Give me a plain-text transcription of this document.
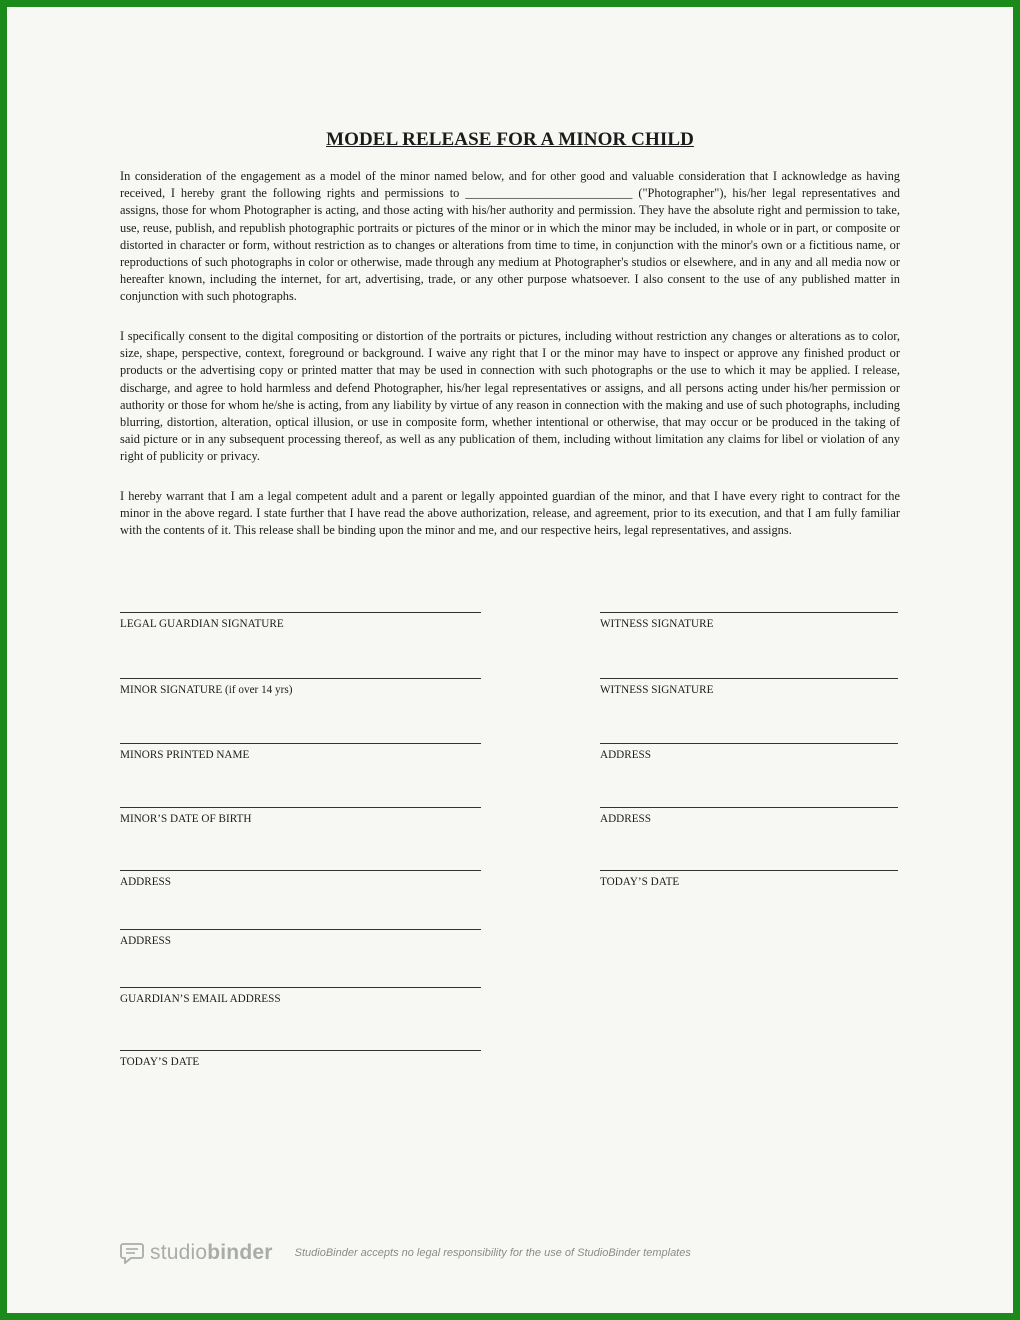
MODEL RELEASE FOR A MINOR CHILD

In consideration of the engagement as a model of the minor named below, and for other good and valuable consideration that I acknowledge as having received, I hereby grant the following rights and permissions to ___________________________ ("Photographer"), his/her legal representatives and assigns, those for whom Photographer is acting, and those acting with his/her authority and permission. They have the absolute right and permission to take, use, reuse, publish, and republish photographic portraits or pictures of the minor or in which the minor may be included, in whole or in part, or composite or distorted in character or form, without restriction as to changes or alterations from time to time, in conjunction with the minor's own or a fictitious name, or reproductions of such photographs in color or otherwise, made through any medium at Photographer's studios or elsewhere, and in any and all media now or hereafter known, including the internet, for art, advertising, trade, or any other purpose whatsoever. I also consent to the use of any published matter in conjunction with such photographs.

I specifically consent to the digital compositing or distortion of the portraits or pictures, including without restriction any changes or alterations as to color, size, shape, perspective, context, foreground or background. I waive any right that I or the minor may have to inspect or approve any finished product or products or the advertising copy or printed matter that may be used in connection with such photographs or the use to which it may be applied. I release, discharge, and agree to hold harmless and defend Photographer, his/her legal representatives or assigns, and all persons acting under his/her permission or authority or those for whom he/she is acting, from any liability by virtue of any reason in connection with the making and use of such photographs, including blurring, distortion, alteration, optical illusion, or use in composite form, whether intentional or otherwise, that may occur or be produced in the taking of said picture or in any subsequent processing thereof, as well as any publication of them, including without limitation any claims for libel or violation of any right of publicity or privacy.

I hereby warrant that I am a legal competent adult and a parent or legally appointed guardian of the minor, and that I have every right to contract for the minor in the above regard. I state further that I have read the above authorization, release, and agreement, prior to its execution, and that I am fully familiar with the contents of it. This release shall be binding upon the minor and me, and our respective heirs, legal representatives, and assigns.

LEGAL GUARDIAN SIGNATURE
MINOR SIGNATURE (if over 14 yrs)
MINORS PRINTED NAME
MINOR’S DATE OF BIRTH
ADDRESS
ADDRESS
GUARDIAN’S EMAIL ADDRESS
TODAY’S DATE
WITNESS SIGNATURE
WITNESS SIGNATURE
ADDRESS
ADDRESS
TODAY’S DATE
studiobinder StudioBinder accepts no legal responsibility for the use of StudioBinder templates
